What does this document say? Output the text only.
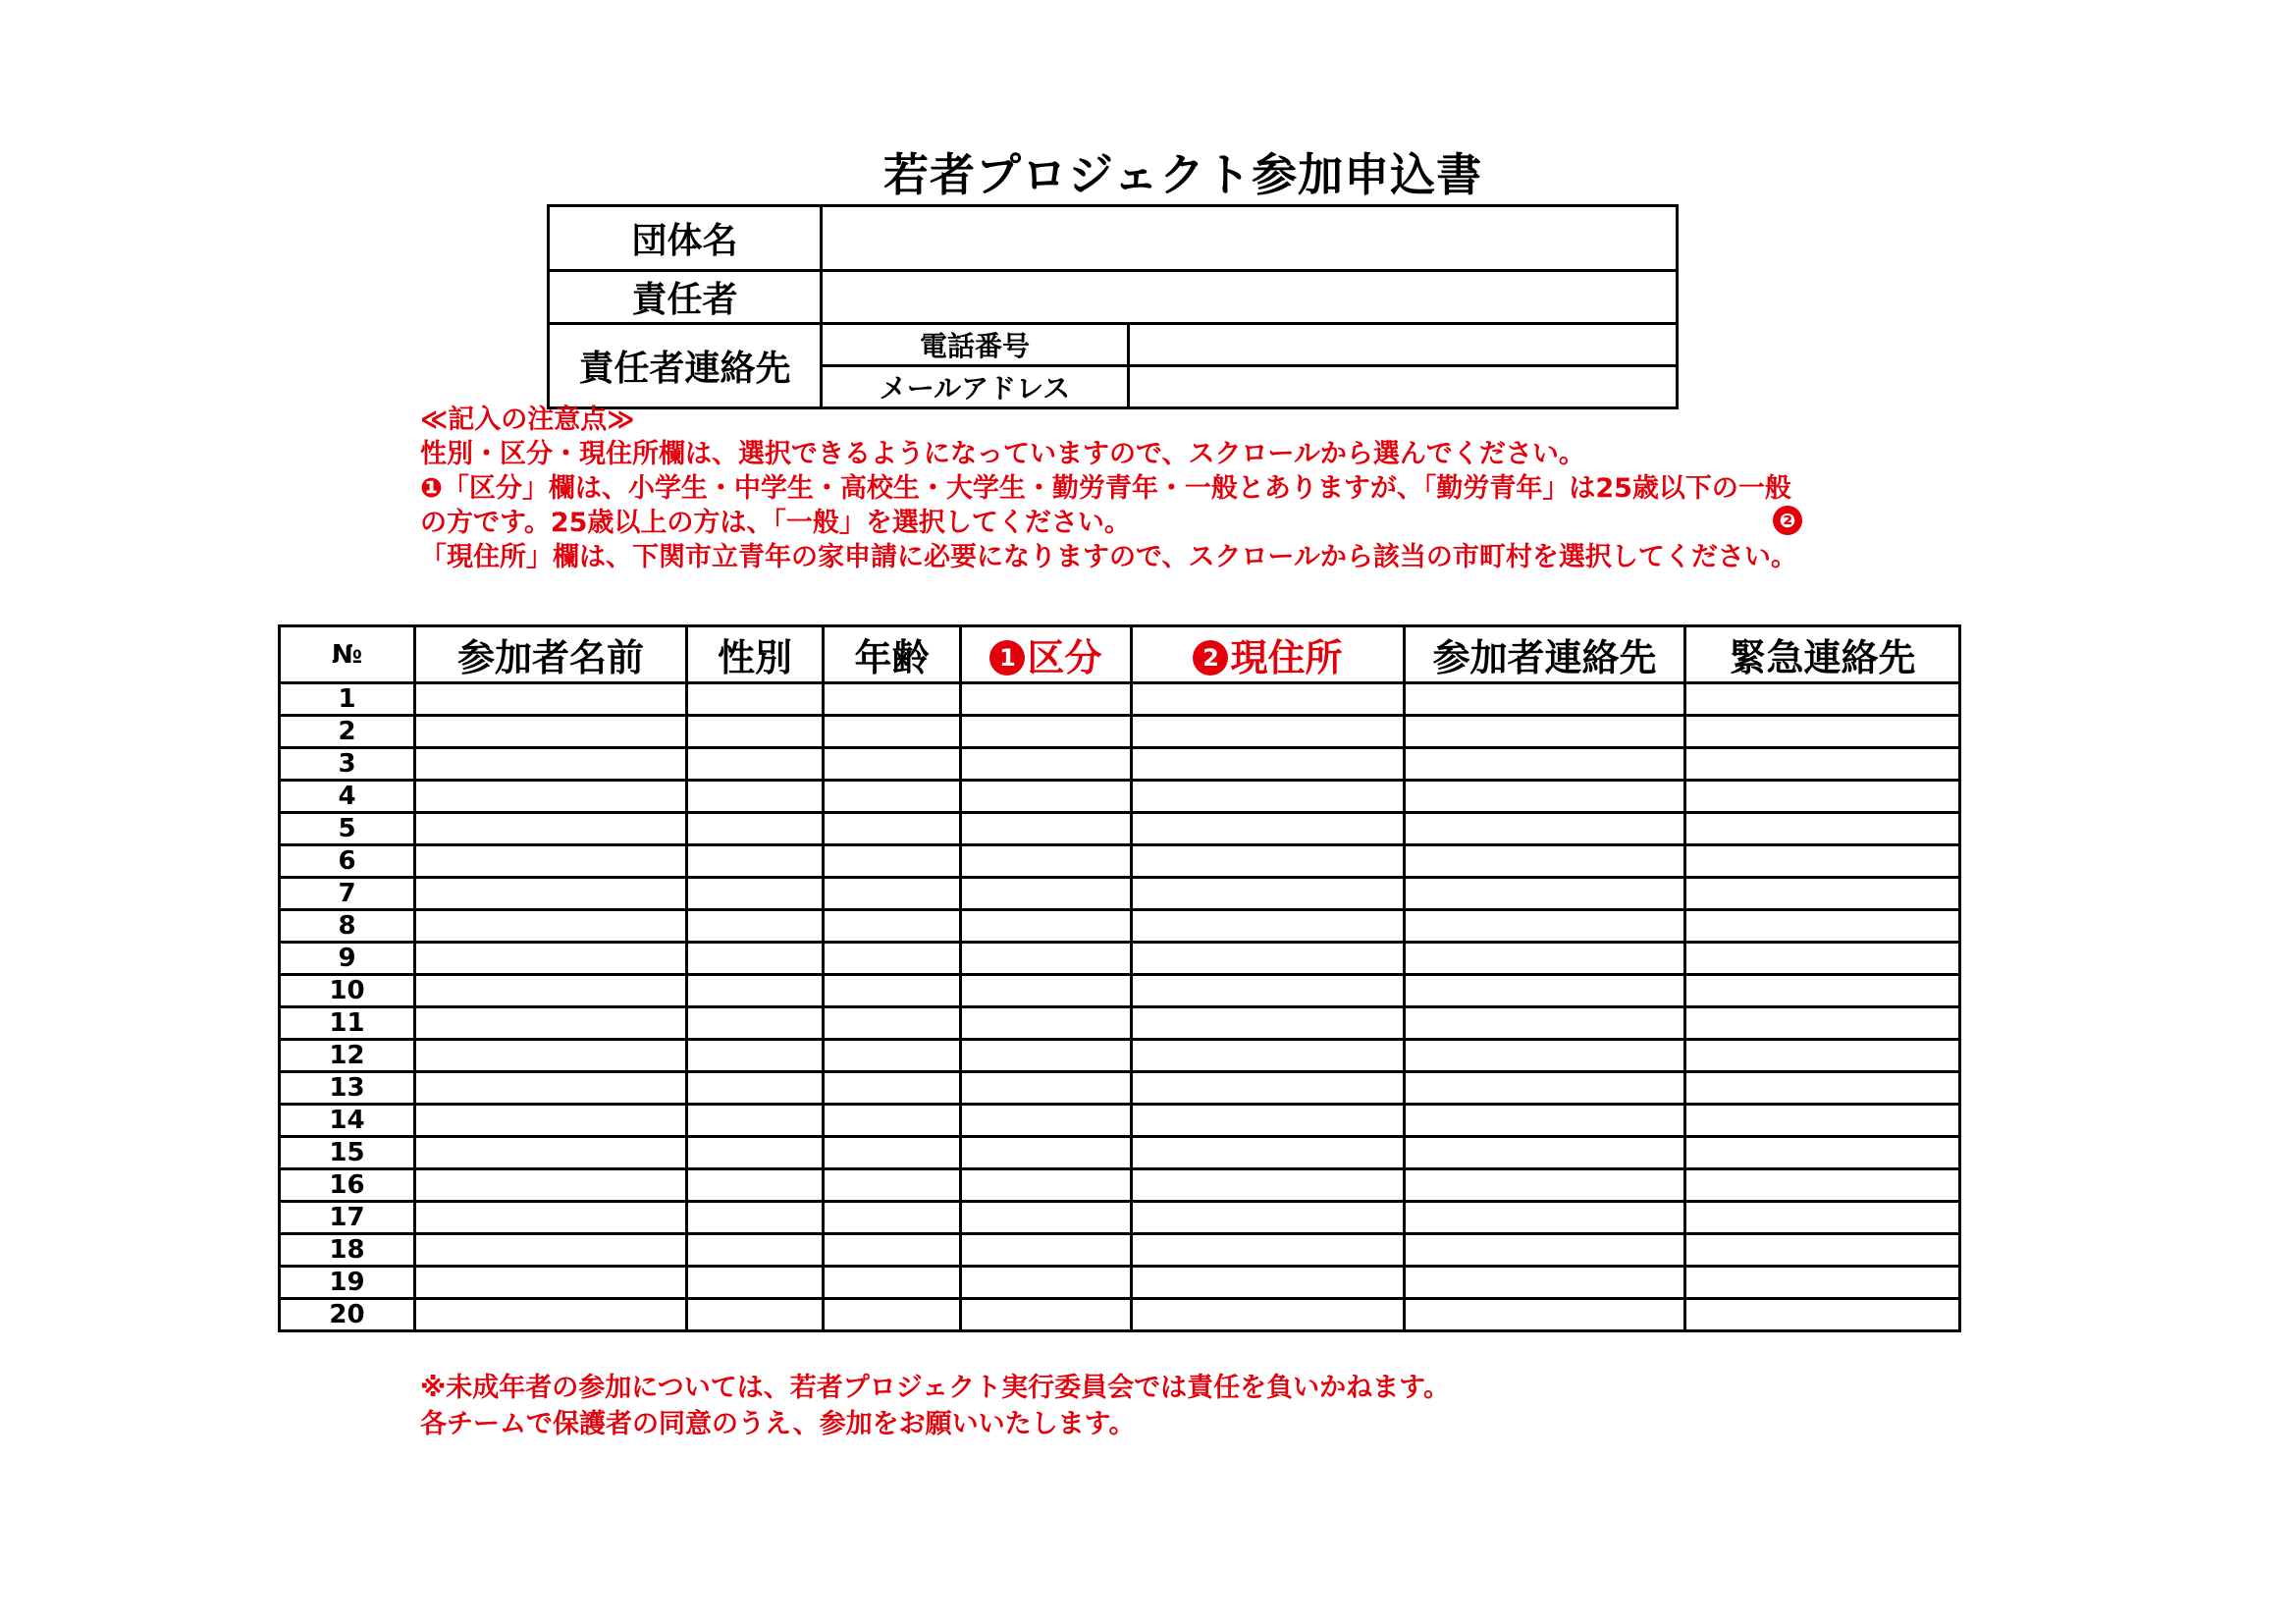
若者プロジェクト参加申込書
団体名		
責任者		
責任者連絡先	電話番号	
	メールアドレス	
≪記入の注意点≫
性別・区分・現住所欄は、選択できるようになっていますので、スクロールから選んでください。
❶「区分」欄は、小学生・中学生・高校生・大学生・勤労青年・一般とありますが、「勤労青年」は25歳以下の一般の方です。25歳以上の方は、「一般」を選択してください。
「現住所」欄は、下関市立青年の家申請に必要になりますので、スクロールから該当の市町村を選択してください。
❷
№	参加者名前	性別	年齢	1 区分	2 現住所	参加者連絡先	緊急連絡先
1							
2							
3							
4							
5							
6							
7							
8							
9							
10							
11							
12							
13							
14							
15							
16							
17							
18							
19							
20							
※未成年者の参加については、若者プロジェクト実行委員会では責任を負いかねます。
各チームで保護者の同意のうえ、参加をお願いいたします。
